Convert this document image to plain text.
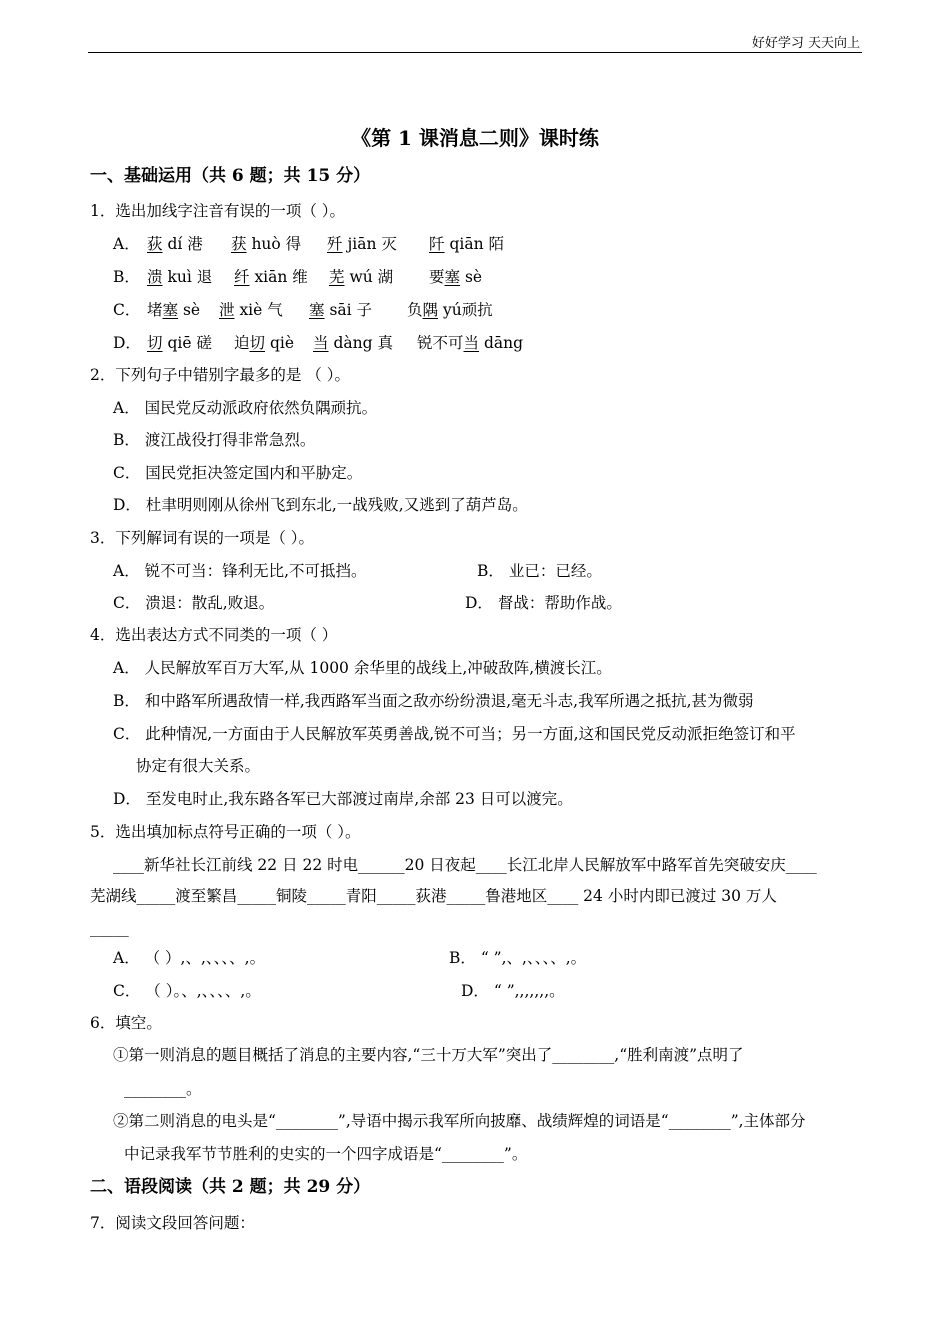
好好学习 天天向上
《第 1 课消息二则》课时练
一、基础运用（共 6 题；共 15 分）
1．选出加线字注音有误的一项（ ）。
A． 荻 dí 港 获 huò 得 歼 jiān 灭 阡 qiān 陌
B． 溃 kuì 退 纤 xiān 维 芜 wú 湖 要塞 sè
C． 堵塞 sè 泄 xiè 气 塞 sāi 子 负隅 yú顽抗
D． 切 qiē 磋 迫切 qiè 当 dàng 真 锐不可当 dāng
2．下列句子中错别字最多的是 （ ）。
A． 国民党反动派政府依然负隅顽抗。
B． 渡江战役打得非常急烈。
C． 国民党拒决签定国内和平胁定。
D． 杜聿明则刚从徐州飞到东北,一战残败,又逃到了葫芦岛。
3．下列解词有误的一项是（ ）。
A． 锐不可当：锋利无比,不可抵挡。	B． 业已：已经。
C． 溃退：散乱,败退。	D． 督战：帮助作战。
4．选出表达方式不同类的一项（ ）
A． 人民解放军百万大军,从 1000 余华里的战线上,冲破敌阵,横渡长江。
B． 和中路军所遇敌情一样,我西路军当面之敌亦纷纷溃退,毫无斗志,我军所遇之抵抗,甚为微弱
C． 此种情况,一方面由于人民解放军英勇善战,锐不可当；另一方面,这和国民党反动派拒绝签订和平
协定有很大关系。
D． 至发电时止,我东路各军已大部渡过南岸,余部 23 日可以渡完。
5．选出填加标点符号正确的一项（ ）。
____新华社长江前线 22 日 22 时电______20 日夜起____长江北岸人民解放军中路军首先突破安庆____
芜湖线_____渡至繁昌_____铜陵_____青阳_____荻港_____鲁港地区____ 24 小时内即已渡过 30 万人
_____
A． （ ）,、,、、、、,。	B． “ ”,、,、、、、,。
C． （ ）。、,、、、、,。	D． “ ”,,,,,,,。
6．填空。
①第一则消息的题目概括了消息的主要内容,“三十万大军”突出了________,“胜利南渡”点明了
________。
②第二则消息的电头是“________”,导语中揭示我军所向披靡、战绩辉煌的词语是“________”,主体部分
中记录我军节节胜利的史实的一个四字成语是“________”。
二、语段阅读（共 2 题；共 29 分）
7．阅读文段回答问题：
